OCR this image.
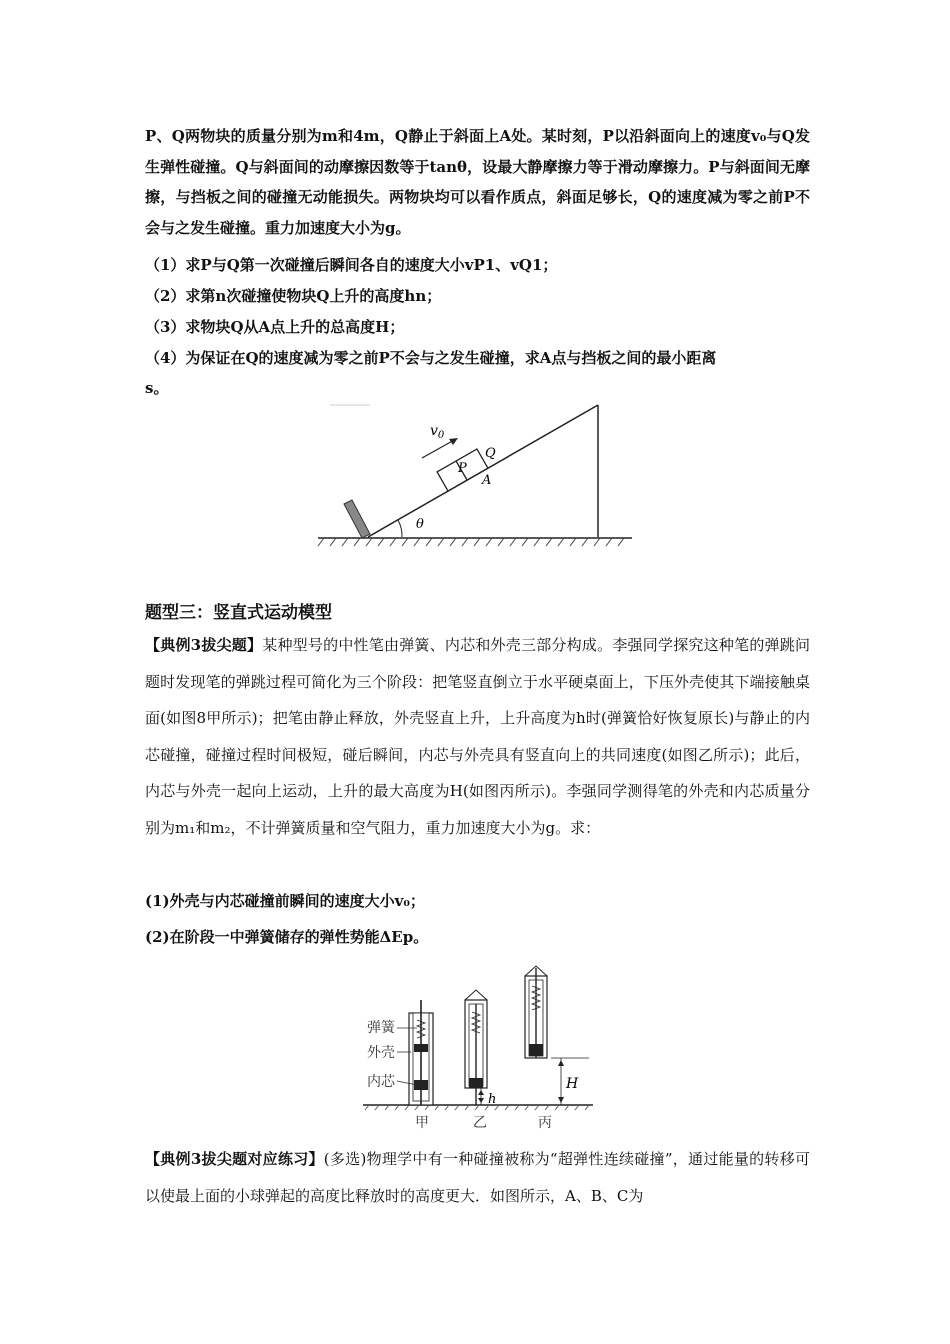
P、Q两物块的质量分别为m和4m，Q静止于斜面上A处。某时刻，P以沿斜面向上的速度v₀与Q发生弹性碰撞。Q与斜面间的动摩擦因数等于tanθ，设最大静摩擦力等于滑动摩擦力。P与斜面间无摩擦，与挡板之间的碰撞无动能损失。两物块均可以看作质点，斜面足够长，Q的速度减为零之前P不会与之发生碰撞。重力加速度大小为g。
（1）求P与Q第一次碰撞后瞬间各自的速度大小vP1、vQ1；
（2）求第n次碰撞使物块Q上升的高度hn；
（3）求物块Q从A点上升的总高度H；
（4）为保证在Q的速度减为零之前P不会与之发生碰撞，求A点与挡板之间的最小距离
s。
θ
P
Q
A
$v_0$
题型三：竖直式运动模型
【典例3拔尖题】某种型号的中性笔由弹簧、内芯和外壳三部分构成。李强同学探究这种笔的弹跳问题时发现笔的弹跳过程可简化为三个阶段：把笔竖直倒立于水平硬桌面上，下压外壳使其下端接触桌面(如图8甲所示)；把笔由静止释放，外壳竖直上升，上升高度为h时(弹簧恰好恢复原长)与静止的内芯碰撞，碰撞过程时间极短，碰后瞬间，内芯与外壳具有竖直向上的共同速度(如图乙所示)；此后，内芯与外壳一起向上运动，上升的最大高度为H(如图丙所示)。李强同学测得笔的外壳和内芯质量分别为m₁和m₂，不计弹簧质量和空气阻力，重力加速度大小为g。求：
(1)外壳与内芯碰撞前瞬间的速度大小v₀；
(2)在阶段一中弹簧储存的弹性势能ΔEp。
弹簧
外壳
内芯
h
H
甲	乙	丙
【典例3拔尖题对应练习】(多选)物理学中有一种碰撞被称为“超弹性连续碰撞”，通过能量的转移可以使最上面的小球弹起的高度比释放时的高度更大．如图所示，A、B、C为
